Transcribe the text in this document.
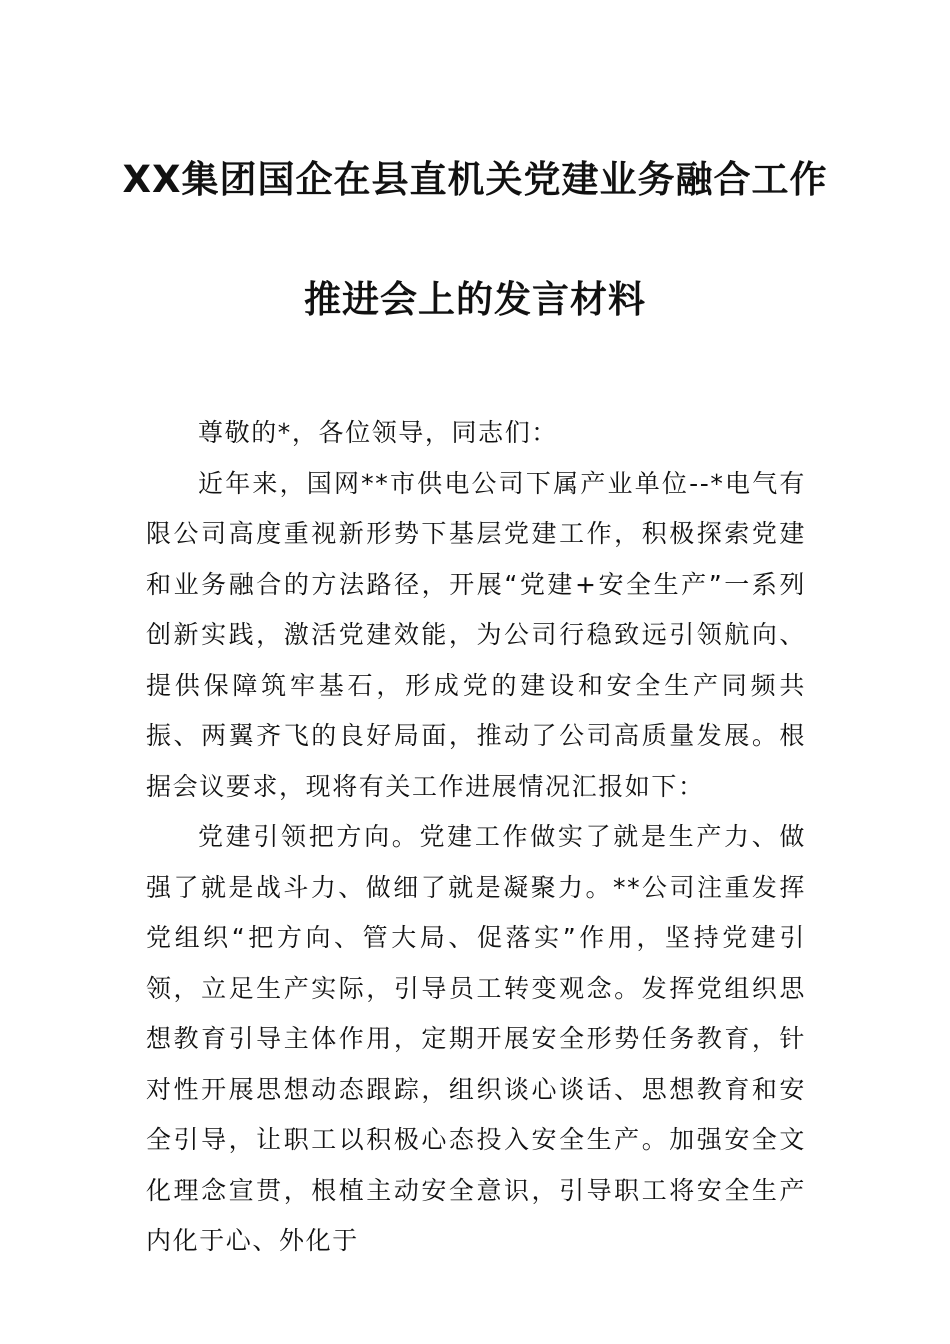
XX集团国企在县直机关党建业务融合工作
推进会上的发言材料

尊敬的*，各位领导，同志们：

近年来，国网**市供电公司下属产业单位--*电气有限公司高度重视新形势下基层党建工作，积极探索党建和业务融合的方法路径，开展“党建+安全生产”一系列创新实践，激活党建效能，为公司行稳致远引领航向、提供保障筑牢基石，形成党的建设和安全生产同频共振、两翼齐飞的良好局面，推动了公司高质量发展。根据会议要求，现将有关工作进展情况汇报如下：

党建引领把方向。党建工作做实了就是生产力、做强了就是战斗力、做细了就是凝聚力。**公司注重发挥党组织“把方向、管大局、促落实”作用，坚持党建引领，立足生产实际，引导员工转变观念。发挥党组织思想教育引导主体作用，定期开展安全形势任务教育，针对性开展思想动态跟踪，组织谈心谈话、思想教育和安全引导，让职工以积极心态投入安全生产。加强安全文化理念宣贯，根植主动安全意识，引导职工将安全生产内化于心、外化于
